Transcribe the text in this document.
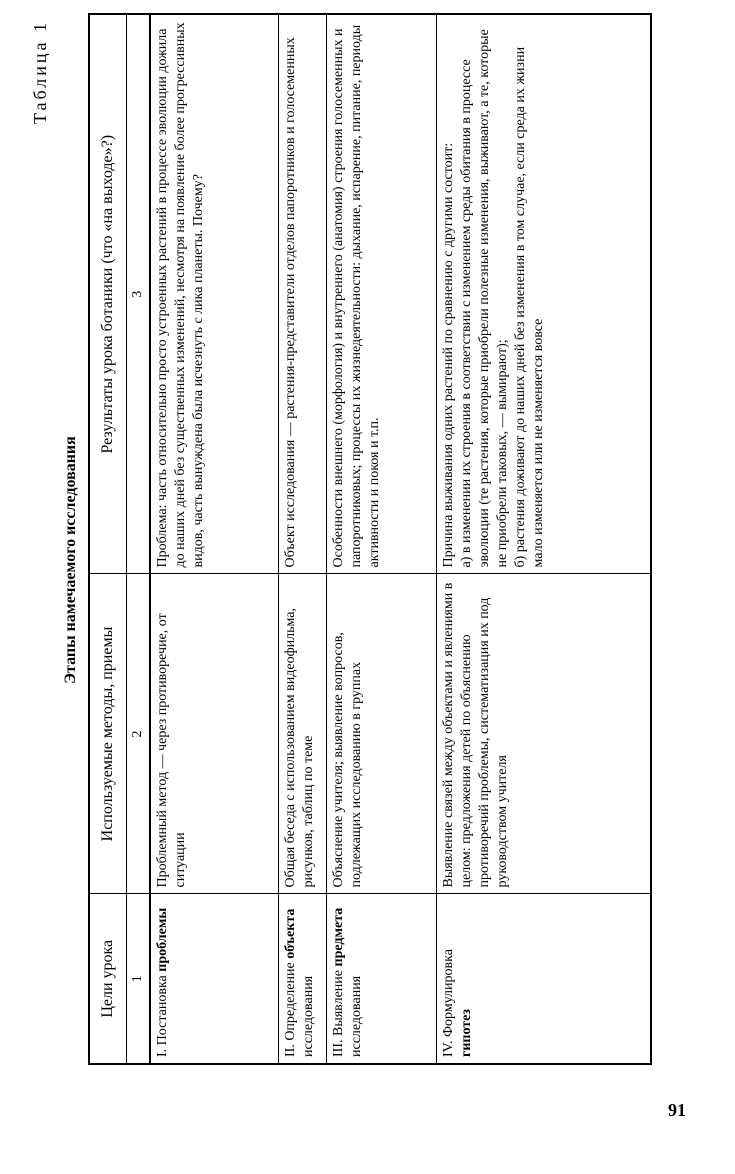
Таблица 1
Этапы намечаемого исследования
Цели урока	Используемые методы, приемы	Результаты урока ботаники (что «на выходе»?)
1	2	3
I. Постановка проблемы	Проблемный метод — через противоречие, от ситуации	Проблема: часть относительно просто устроенных растений в процессе эволюции дожила до наших дней без существенных изменений, несмотря на появление более прогрессивных видов, часть вынуждена была исчезнуть с лика планеты. Почему?

II. Определение объекта исследования	Общая беседа с использованием видеофильма, рисунков, таблиц по теме	Объект исследования — растения-представители отделов папоротников и голосеменных

III. Выявление предмета исследования	Объяснение учителя; выявление вопросов, подлежащих исследованию в группах	Особенности внешнего (морфология) и внутреннего (анатомия) строения голосеменных и папоротниковых; процессы их жизнедеятельности: дыхание, испарение, питание, периоды активности и покоя и т.п.

IV. Формулировка гипотез	Выявление связей между объектами и явлениями в целом: предложения детей по объяснению противоречий проблемы, систематизация их под руководством учителя	Причина выживания одних растений по сравнению с другими состоит: а) в изменении их строения в соответствии с изменением среды обитания в процессе эволюции (те растения, которые приобрели полезные изменения, выживают, а те, которые не приобрели таковых, — вымирают); б) растения доживают до наших дней без изменения в том случае, если среда их жизни мало изменяется или не изменяется вовсе
91
